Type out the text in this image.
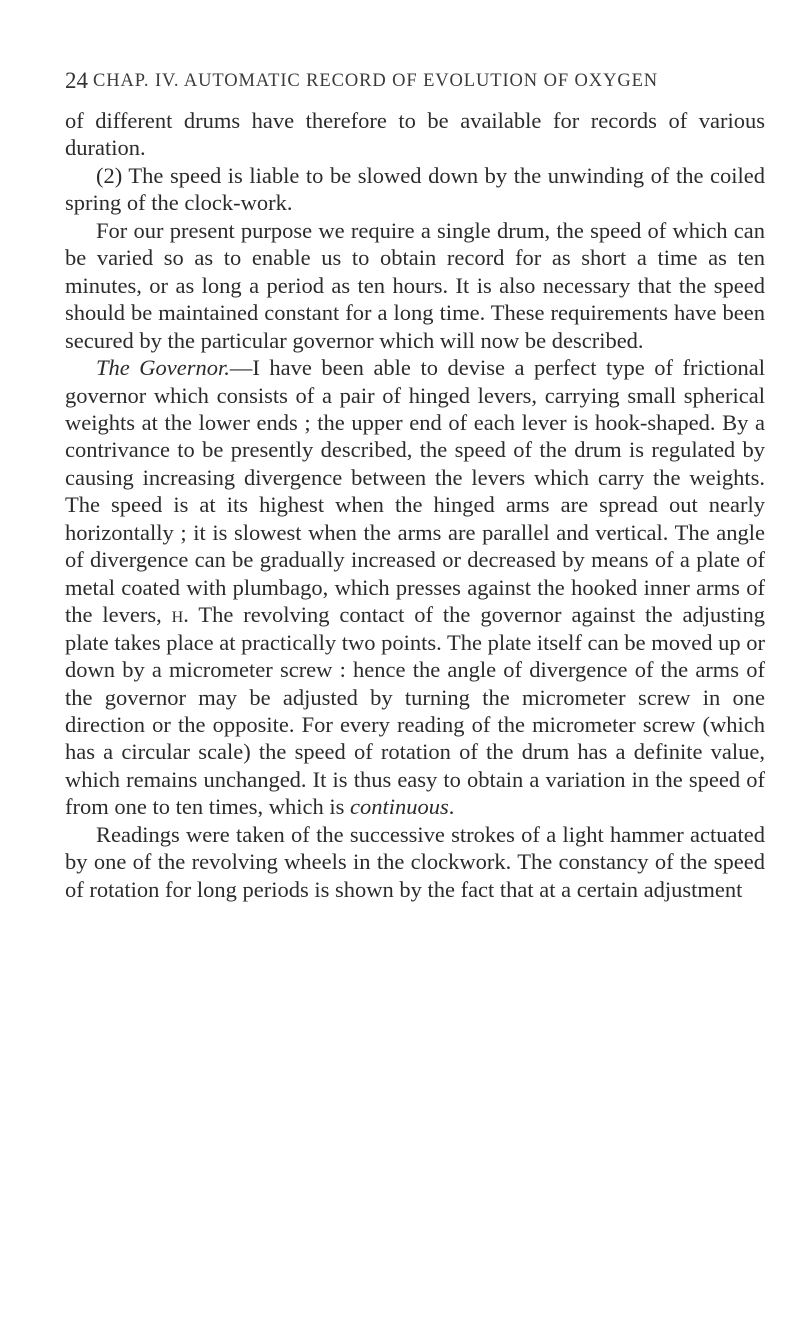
24 CHAP. IV. AUTOMATIC RECORD OF EVOLUTION OF OXYGEN

of different drums have therefore to be available for records of various duration.

(2) The speed is liable to be slowed down by the unwinding of the coiled spring of the clock-work.

For our present purpose we require a single drum, the speed of which can be varied so as to enable us to obtain record for as short a time as ten minutes, or as long a period as ten hours. It is also necessary that the speed should be maintained constant for a long time. These requirements have been secured by the particular governor which will now be described.

The Governor.—I have been able to devise a perfect type of frictional governor which consists of a pair of hinged levers, carrying small spherical weights at the lower ends ; the upper end of each lever is hook-shaped. By a contrivance to be presently described, the speed of the drum is regulated by causing increasing divergence between the levers which carry the weights. The speed is at its highest when the hinged arms are spread out nearly horizontally ; it is slowest when the arms are parallel and vertical. The angle of divergence can be gradually increased or decreased by means of a plate of metal coated with plumbago, which presses against the hooked inner arms of the levers, h. The revolving contact of the governor against the adjusting plate takes place at practically two points. The plate itself can be moved up or down by a micrometer screw : hence the angle of divergence of the arms of the governor may be adjusted by turning the micrometer screw in one direction or the opposite. For every reading of the micrometer screw (which has a circular scale) the speed of rotation of the drum has a definite value, which remains unchanged. It is thus easy to obtain a variation in the speed of from one to ten times, which is continuous.

Readings were taken of the successive strokes of a light hammer actuated by one of the revolving wheels in the clockwork. The constancy of the speed of rotation for long periods is shown by the fact that at a certain adjustment
